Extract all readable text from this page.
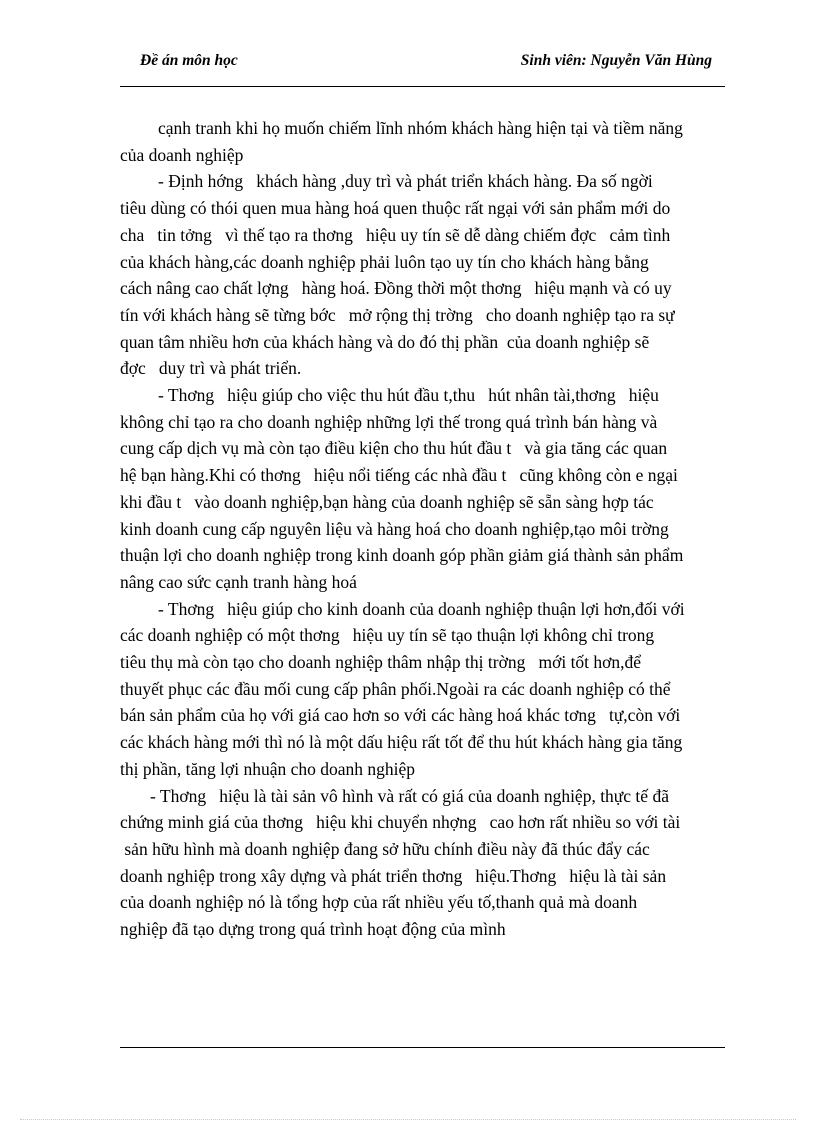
Đề án môn học	Sinh viên: Nguyễn Văn Hùng
cạnh tranh khi họ muốn chiếm lĩnh nhóm khách hàng hiện tại và tiềm năng
của doanh nghiệp
- Định hớng   khách hàng ,duy trì và phát triển khách hàng. Đa số ngời
tiêu dùng có thói quen mua hàng hoá quen thuộc rất ngại với sản phẩm mới do
cha   tin tởng   vì thế tạo ra thơng   hiệu uy tín sẽ dễ dàng chiếm đợc   cảm tình
của khách hàng,các doanh nghiệp phải luôn tạo uy tín cho khách hàng bằng
cách nâng cao chất lợng   hàng hoá. Đồng thời một thơng   hiệu mạnh và có uy
tín với khách hàng sẽ từng bớc   mở rộng thị trờng   cho doanh nghiệp tạo ra sự
quan tâm nhiều hơn của khách hàng và do đó thị phần  của doanh nghiệp sẽ
đợc   duy trì và phát triển.
- Thơng   hiệu giúp cho việc thu hút đầu t,thu   hút nhân tài,thơng   hiệu
không chỉ tạo ra cho doanh nghiệp những lợi thế trong quá trình bán hàng và
cung cấp dịch vụ mà còn tạo điều kiện cho thu hút đầu t   và gia tăng các quan
hệ bạn hàng.Khi có thơng   hiệu nổi tiếng các nhà đầu t   cũng không còn e ngại
khi đầu t   vào doanh nghiệp,bạn hàng của doanh nghiệp sẽ sẵn sàng hợp tác
kinh doanh cung cấp nguyên liệu và hàng hoá cho doanh nghiệp,tạo môi trờng
thuận lợi cho doanh nghiệp trong kinh doanh góp phần giảm giá thành sản phẩm
nâng cao sức cạnh tranh hàng hoá
- Thơng   hiệu giúp cho kinh doanh của doanh nghiệp thuận lợi hơn,đối với
các doanh nghiệp có một thơng   hiệu uy tín sẽ tạo thuận lợi không chỉ trong
tiêu thụ mà còn tạo cho doanh nghiệp thâm nhập thị trờng   mới tốt hơn,để
thuyết phục các đầu mối cung cấp phân phối.Ngoài ra các doanh nghiệp có thể
bán sản phẩm của họ với giá cao hơn so với các hàng hoá khác tơng   tự,còn với
các khách hàng mới thì nó là một dấu hiệu rất tốt để thu hút khách hàng gia tăng
thị phần, tăng lợi nhuận cho doanh nghiệp
- Thơng   hiệu là tài sản vô hình và rất có giá của doanh nghiệp, thực tế đã
chứng minh giá của thơng   hiệu khi chuyển nhợng   cao hơn rất nhiều so với tài
sản hữu hình mà doanh nghiệp đang sở hữu chính điều này đã thúc đẩy các
doanh nghiệp trong xây dựng và phát triển thơng   hiệu.Thơng   hiệu là tài sản
của doanh nghiệp nó là tổng hợp của rất nhiều yếu tố,thanh quả mà doanh
nghiệp đã tạo dựng trong quá trình hoạt động của mình
